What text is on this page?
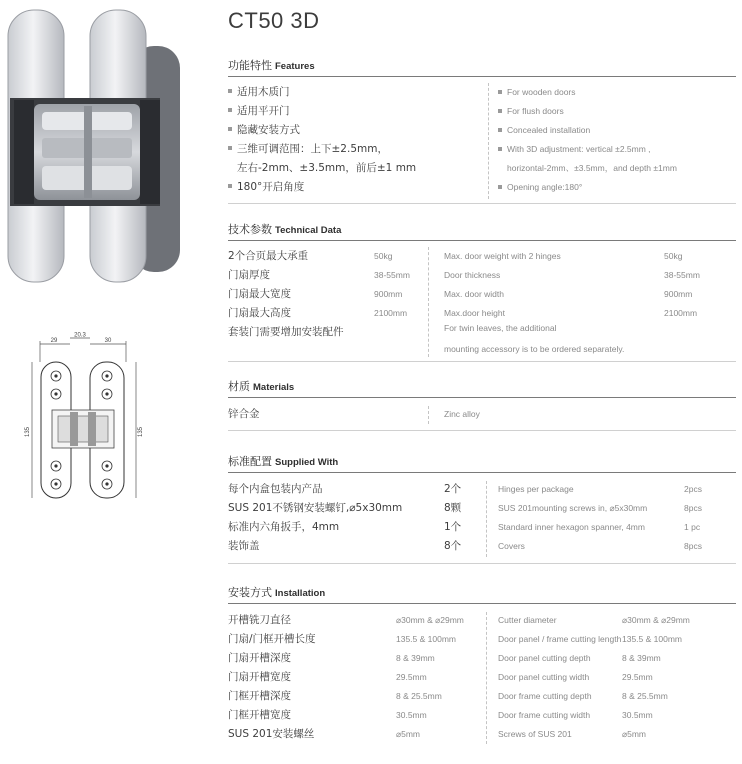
29
20.3
30
135	135
CT50 3D
功能特性 Features
适用木质门
适用平开门
隐藏安装方式
三维可调范围：上下±2.5mm，
左右-2mm、±3.5mm，前后±1 mm
180°开启角度
For wooden doors
For flush doors
Concealed installation
With 3D adjustment: vertical ±2.5mm ,
horizontal-2mm、±3.5mm，and depth ±1mm
Opening angle:180°
技术参数 Technical Data
2个合页最大承重	50kg	Max. door weight with 2 hinges	50kg
门扇厚度	38-55mm	Door thickness	38-55mm
门扇最大宽度	900mm	Max. door width	900mm
门扇最大高度	2100mm	Max.door height	2100mm
套装门需要增加安装配件	For twin leaves, the additional
mounting accessory is to be ordered separately.
材质 Materials
锌合金	Zinc alloy
标准配置 Supplied With
每个内盒包装内产品	2个	Hinges per package	2pcs
SUS 201不锈钢安装螺钉,⌀5x30mm	8颗	SUS 201mounting screws in, ⌀5x30mm	8pcs
标准内六角扳手，4mm	1个	Standard inner hexagon spanner, 4mm	1 pc
装饰盖	8个	Covers	8pcs
安装方式 Installation
开槽铣刀直径	⌀30mm & ⌀29mm	Cutter diameter	⌀30mm & ⌀29mm
门扇/门框开槽长度	135.5 & 100mm	Door panel / frame cutting length 135.5 & 100mm
门扇开槽深度	8 & 39mm	Door panel cutting depth	8 & 39mm
门扇开槽宽度	29.5mm	Door panel cutting width	29.5mm
门框开槽深度	8 & 25.5mm	Door frame cutting depth	8 & 25.5mm
门框开槽宽度	30.5mm	Door frame cutting width	30.5mm
SUS 201安装螺丝	⌀5mm	Screws of SUS 201	⌀5mm
